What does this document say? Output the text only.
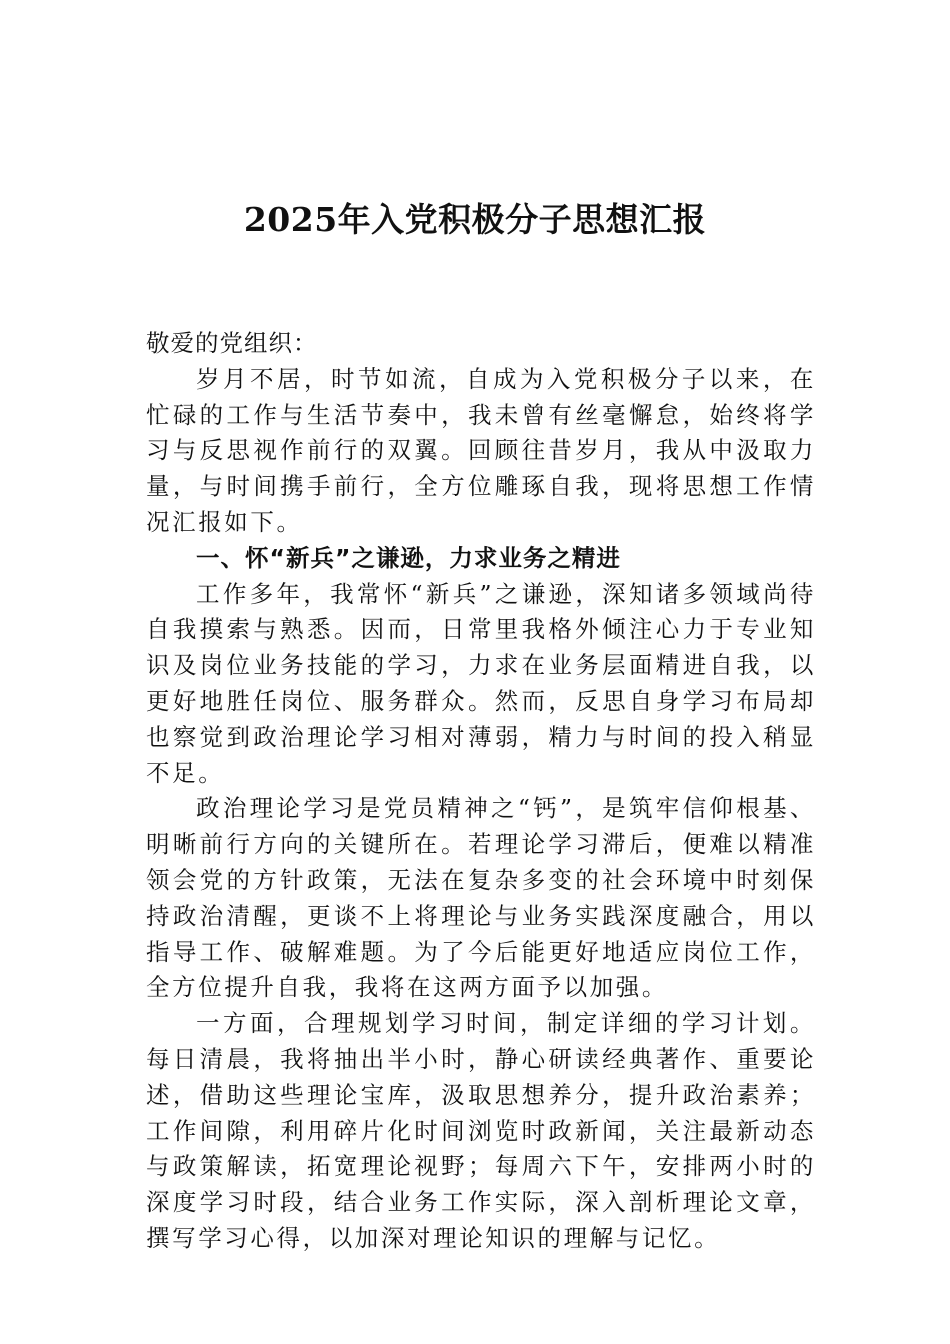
2025年入党积极分子思想汇报

敬爱的党组织：

岁月不居，时节如流，自成为入党积极分子以来，在忙碌的工作与生活节奏中，我未曾有丝毫懈怠，始终将学习与反思视作前行的双翼。回顾往昔岁月，我从中汲取力量，与时间携手前行，全方位雕琢自我，现将思想工作情况汇报如下。

一、怀“新兵”之谦逊，力求业务之精进

工作多年，我常怀“新兵”之谦逊，深知诸多领域尚待自我摸索与熟悉。因而，日常里我格外倾注心力于专业知识及岗位业务技能的学习，力求在业务层面精进自我，以更好地胜任岗位、服务群众。然而，反思自身学习布局却也察觉到政治理论学习相对薄弱，精力与时间的投入稍显不足。

政治理论学习是党员精神之“钙”，是筑牢信仰根基、明晰前行方向的关键所在。若理论学习滞后，便难以精准领会党的方针政策，无法在复杂多变的社会环境中时刻保持政治清醒，更谈不上将理论与业务实践深度融合，用以指导工作、破解难题。为了今后能更好地适应岗位工作，全方位提升自我，我将在这两方面予以加强。

一方面，合理规划学习时间，制定详细的学习计划。每日清晨，我将抽出半小时，静心研读经典著作、重要论述，借助这些理论宝库，汲取思想养分，提升政治素养；工作间隙，利用碎片化时间浏览时政新闻，关注最新动态与政策解读，拓宽理论视野；每周六下午，安排两小时的深度学习时段，结合业务工作实际，深入剖析理论文章，撰写学习心得，以加深对理论知识的理解与记忆。
